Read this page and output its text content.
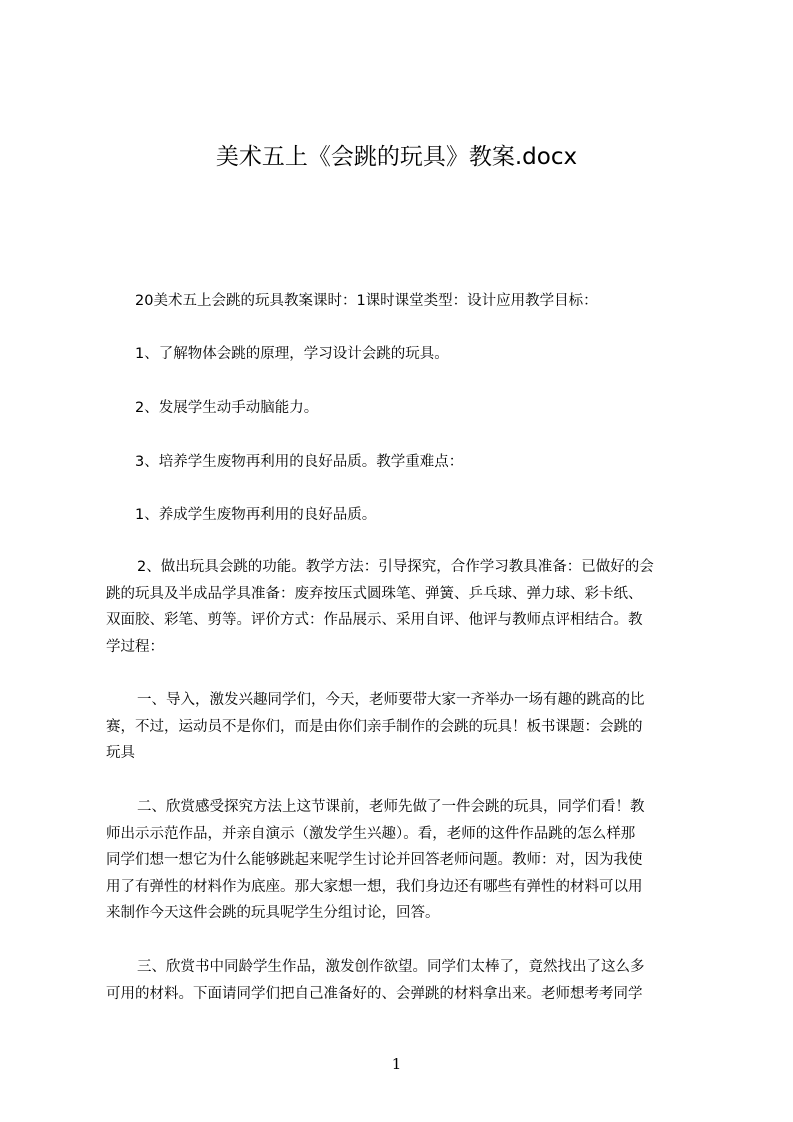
美术五上《会跳的玩具》教案.docx

20美术五上会跳的玩具教案课时：1课时课堂类型：设计应用教学目标：

1、了解物体会跳的原理，学习设计会跳的玩具。

2、发展学生动手动脑能力。

3、培养学生废物再利用的良好品质。教学重难点：

1、养成学生废物再利用的良好品质。

2、做出玩具会跳的功能。教学方法：引导探究，合作学习教具准备：已做好的会
跳的玩具及半成品学具准备：废弃按压式圆珠笔、弹簧、乒乓球、弹力球、彩卡纸、
双面胶、彩笔、剪等。评价方式：作品展示、采用自评、他评与教师点评相结合。教
学过程：

一、导入，激发兴趣同学们，今天，老师要带大家一齐举办一场有趣的跳高的比
赛，不过，运动员不是你们，而是由你们亲手制作的会跳的玩具！板书课题：会跳的
玩具

二、欣赏感受探究方法上这节课前，老师先做了一件会跳的玩具，同学们看！教
师出示示范作品，并亲自演示（激发学生兴趣）。看，老师的这件作品跳的怎么样那
同学们想一想它为什么能够跳起来呢学生讨论并回答老师问题。教师：对，因为我使
用了有弹性的材料作为底座。那大家想一想，我们身边还有哪些有弹性的材料可以用
来制作今天这件会跳的玩具呢学生分组讨论，回答。

三、欣赏书中同龄学生作品，激发创作欲望。同学们太棒了，竟然找出了这么多
可用的材料。下面请同学们把自己准备好的、会弹跳的材料拿出来。老师想考考同学

1
